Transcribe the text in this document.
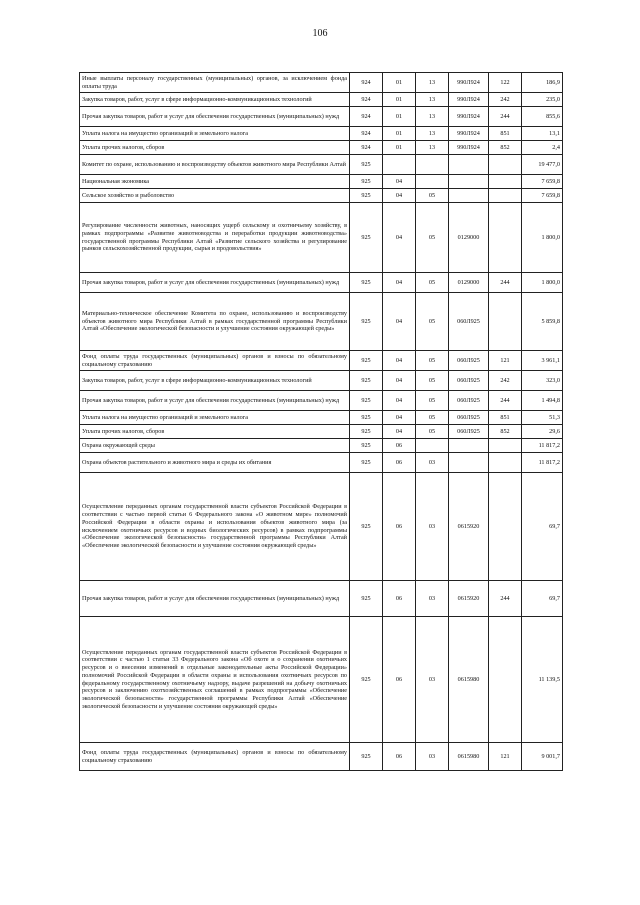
106
Иные выплаты персоналу государственных (муниципальных) органов, за исключением фонда оплаты труда	924	01	13	990Л924	122	186,9
Закупка товаров, работ, услуг в сфере информационно-коммуникационных технологий	924	01	13	990Л924	242	235,0
Прочая закупка товаров, работ и услуг для обеспечения государственных (муниципальных) нужд	924	01	13	990Л924	244	855,6
Уплата налога на имущество организаций и земельного налога	924	01	13	990Л924	851	13,1
Уплата прочих налогов, сборов	924	01	13	990Л924	852	2,4
Комитет по охране, использованию и воспроизводству объектов животного мира Республики Алтай	925					19 477,0
Национальная экономика	925	04				7 659,8
Сельское хозяйство и рыболовство	925	04	05			7 659,8
Регулирование численности животных, наносящих ущерб сельскому и охотничьему хозяйству, в рамках подпрограммы «Развитие животноводства и переработки продукции животноводства» государственной программы Республики Алтай «Развитие сельского хозяйства и регулирование рынков сельскохозяйственной продукции, сырья и продовольствия»	925	04	05	0129000		1 800,0
Прочая закупка товаров, работ и услуг для обеспечения государственных (муниципальных) нужд	925	04	05	0129000	244	1 800,0
Материально-техническое обеспечение Комитета по охране, использованию и воспроизводству объектов животного мира Республики Алтай в рамках государственной программы Республики Алтай «Обеспечение экологической безопасности и улучшение состояния окружающей среды»	925	04	05	060Л925		5 859,8
Фонд оплаты труда государственных (муниципальных) органов и взносы по обязательному социальному страхованию	925	04	05	060Л925	121	3 961,1
Закупка товаров, работ, услуг в сфере информационно-коммуникационных технологий	925	04	05	060Л925	242	323,0
Прочая закупка товаров, работ и услуг для обеспечения государственных (муниципальных) нужд	925	04	05	060Л925	244	1 494,8
Уплата налога на имущество организаций и земельного налога	925	04	05	060Л925	851	51,3
Уплата прочих налогов, сборов	925	04	05	060Л925	852	29,6
Охрана окружающей среды	925	06				11 817,2
Охрана объектов растительного и животного мира и среды их обитания	925	06	03			11 817,2
Осуществление переданных органам государственной власти субъектов Российской Федерации в соответствии с частью первой статьи 6 Федерального закона «О животном мире» полномочий Российской Федерации в области охраны и использования объектов животного мира (за исключением охотничьих ресурсов и водных биологических ресурсов) в рамках подпрограммы «Обеспечение экологической безопасности» государственной программы Республики Алтай «Обеспечение экологической безопасности и улучшение состояния окружающей среды»	925	06	03	0615920		69,7
Прочая закупка товаров, работ и услуг для обеспечения государственных (муниципальных) нужд	925	06	03	0615920	244	69,7
Осуществление переданных органам государственной власти субъектов Российской Федерации в соответствии с частью 1 статьи 33 Федерального закона «Об охоте и о сохранении охотничьих ресурсов и о внесении изменений в отдельные законодательные акты Российской Федерации» полномочий Российской Федерации в области охраны и использования охотничьих ресурсов по федеральному государственному охотничьему надзору, выдаче разрешений на добычу охотничьих ресурсов и заключению охотхозяйственных соглашений в рамках подпрограммы «Обеспечение экологической безопасности» государственной программы Республики Алтай «Обеспечение экологической безопасности и улучшение состояния окружающей среды»	925	06	03	0615980		11 139,5
Фонд оплаты труда государственных (муниципальных) органов и взносы по обязательному социальному страхованию	925	06	03	0615980	121	9 001,7
